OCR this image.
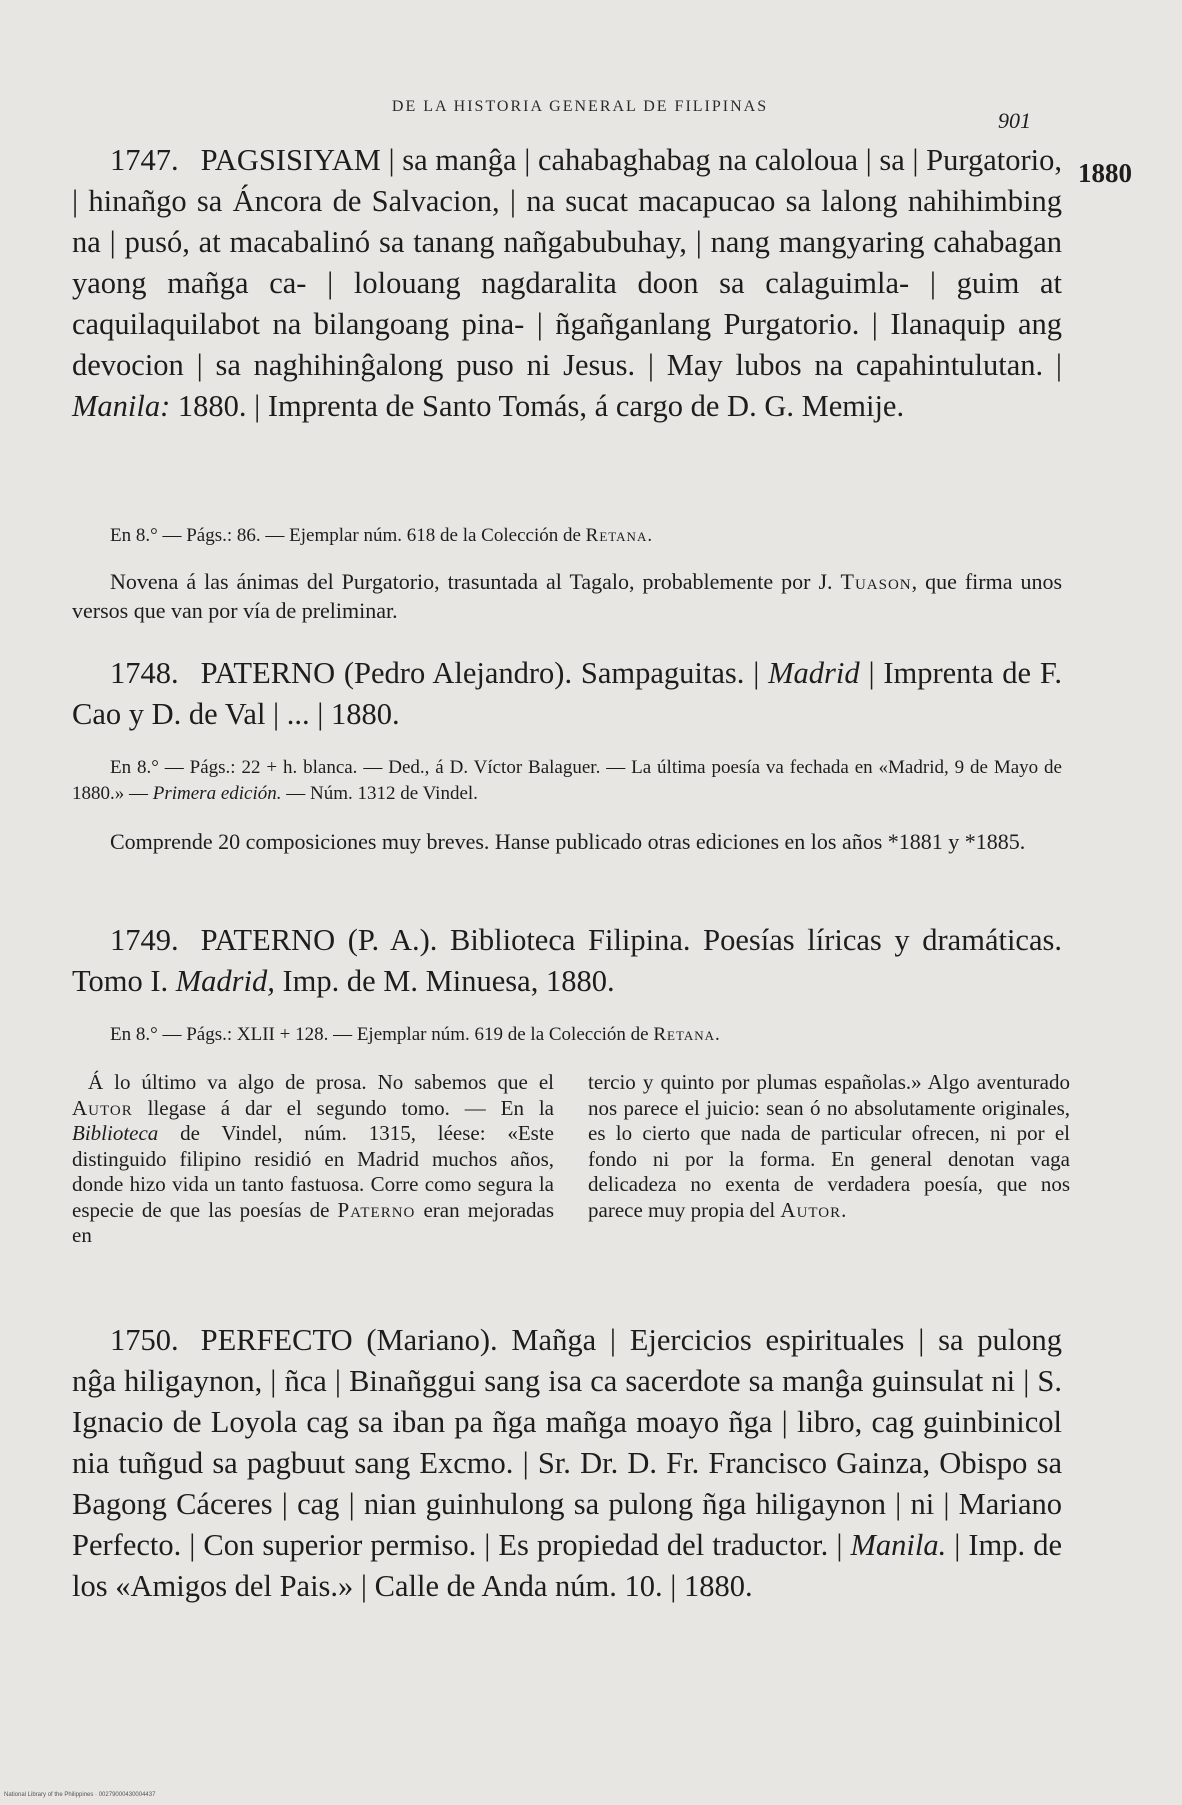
DE LA HISTORIA GENERAL DE FILIPINAS
901
1880
1747. PAGSISIYAM | sa manĝa | cahabaghabag na caloloua | sa | Purgatorio, | hinañgo sa Áncora de Salvacion, | na sucat macapucao sa lalong nahihimbing na | pusó, at macabalinó sa tanang nañgabubuhay, | nang mangyaring cahabagan yaong mañga ca- | lolouang nagdaralita doon sa calaguimla- | guim at caquilaquilabot na bilangoang pina- | ñgañganlang Purgatorio. | Ilanaquip ang devocion | sa naghihinĝalong puso ni Jesus. | May lubos na capahintulutan. | Manila: 1880. | Imprenta de Santo Tomás, á cargo de D. G. Memije.
En 8.° — Págs.: 86. — Ejemplar núm. 618 de la Colección de Retana.
Novena á las ánimas del Purgatorio, trasuntada al Tagalo, probablemente por J. Tuason, que firma unos versos que van por vía de preliminar.
1748. PATERNO (Pedro Alejandro). Sampaguitas. | Madrid | Imprenta de F. Cao y D. de Val | ... | 1880.
En 8.° — Págs.: 22 + h. blanca. — Ded., á D. Víctor Balaguer. — La última poesía va fechada en «Madrid, 9 de Mayo de 1880.» — Primera edición. — Núm. 1312 de Vindel.
Comprende 20 composiciones muy breves. Hanse publicado otras ediciones en los años *1881 y *1885.
1749. PATERNO (P. A.). Biblioteca Filipina. Poesías líricas y dramáticas. Tomo I. Madrid, Imp. de M. Minuesa, 1880.
En 8.° — Págs.: XLII + 128. — Ejemplar núm. 619 de la Colección de Retana.
Á lo último va algo de prosa. No sabemos que el Autor llegase á dar el segundo tomo. — En la Biblioteca de Vindel, núm. 1315, léese: «Este distinguido filipino residió en Madrid muchos años, donde hizo vida un tanto fastuosa. Corre como segura la especie de que las poesías de Paterno eran mejoradas en
tercio y quinto por plumas españolas.» Algo aventurado nos parece el juicio: sean ó no absolutamente originales, es lo cierto que nada de particular ofrecen, ni por el fondo ni por la forma. En general denotan vaga delicadeza no exenta de verdadera poesía, que nos parece muy propia del Autor.
1750. PERFECTO (Mariano). Mañga | Ejercicios espirituales | sa pulong nĝa hiligaynon, | ñca | Binañggui sang isa ca sacerdote sa manĝa guinsulat ni | S. Ignacio de Loyola cag sa iban pa ñga mañga moayo ñga | libro, cag guinbinicol nia tuñgud sa pagbuut sang Excmo. | Sr. Dr. D. Fr. Francisco Gainza, Obispo sa Bagong Cáceres | cag | nian guinhulong sa pulong ñga hiligaynon | ni | Mariano Perfecto. | Con superior permiso. | Es propiedad del traductor. | Manila. | Imp. de los «Amigos del Pais.» | Calle de Anda núm. 10. | 1880.
National Library of the Philippines · 00279000430004437
